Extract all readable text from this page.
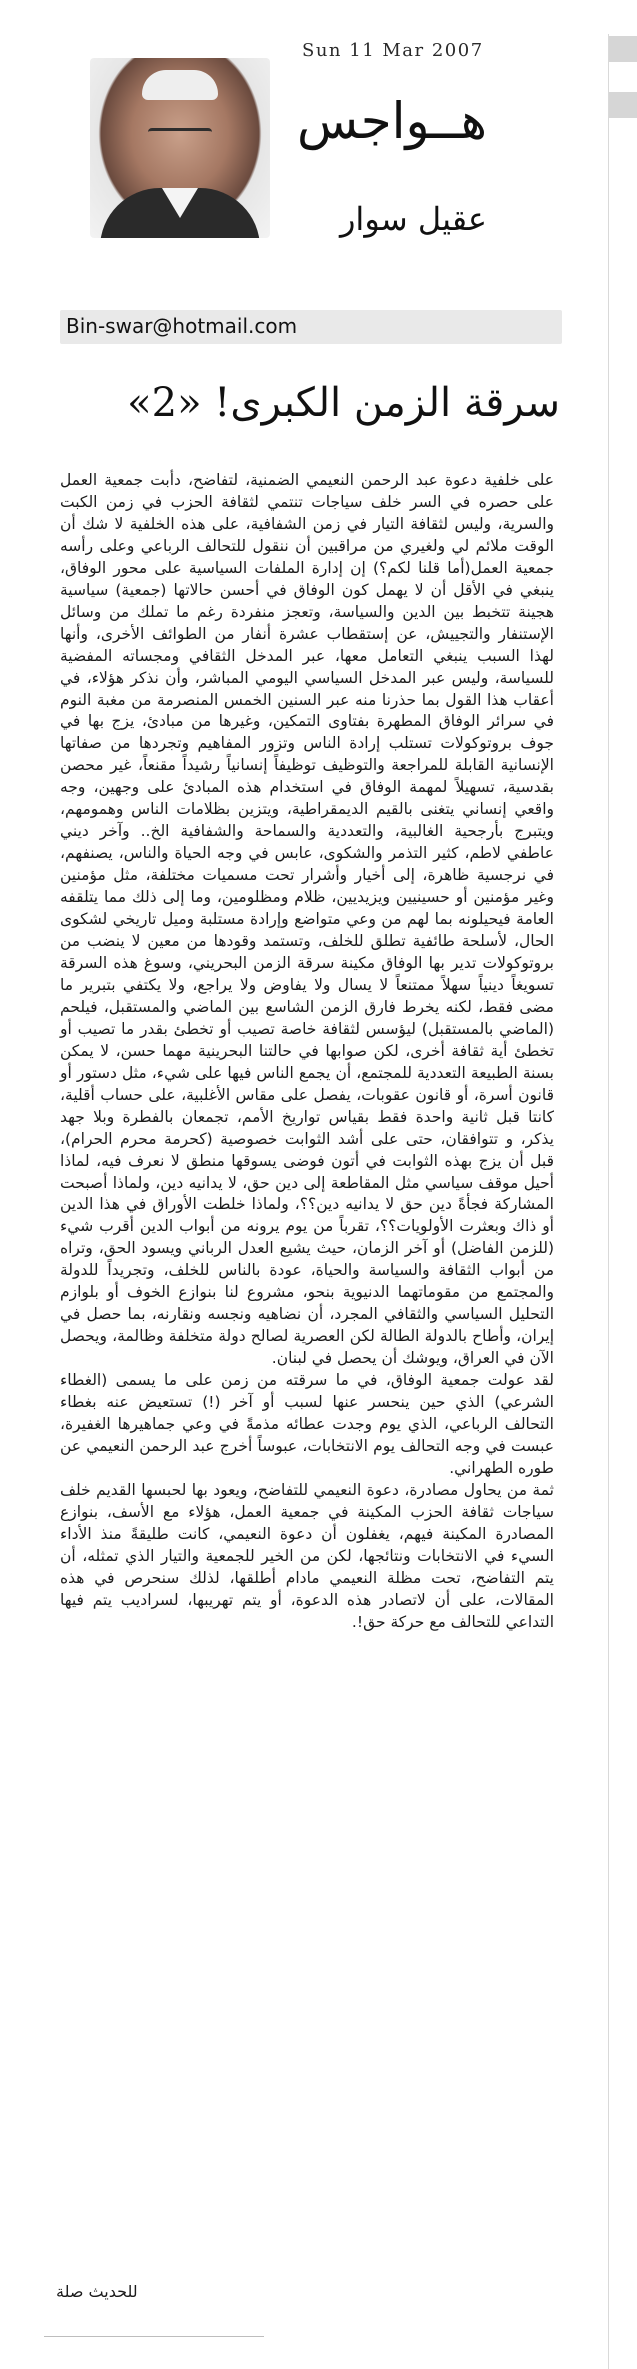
Sun 11 Mar 2007
هــواجس
عقيل سوار
Bin-swar@hotmail.com
سرقة الزمن الكبرى! «2»

على خلفية دعوة عبد الرحمن النعيمي الضمنية، لتفاضح، دأبت جمعية العمل على حصره في السر خلف سياجات تنتمي لثقافة الحزب في زمن الكبت والسرية، وليس لثقافة التيار في زمن الشفافية، على هذه الخلفية لا شك أن الوقت ملائم لي ولغيري من مراقبين أن ننقول للتحالف الرباعي وعلى رأسه جمعية العمل(أما قلنا لكم؟) إن إدارة الملفات السياسية على محور الوفاق، ينبغي في الأقل أن لا يهمل كون الوفاق في أحسن حالاتها (جمعية) سياسية هجينة تتخبط بين الدين والسياسة، وتعجز منفردة رغم ما تملك من وسائل الإستنفار والتجييش، عن إستقطاب عشرة أنفار من الطوائف الأخرى، وأنها لهذا السبب ينبغي التعامل معها، عبر المدخل الثقافي ومجساته المفضية للسياسة، وليس عبر المدخل السياسي اليومي المباشر، وأن نذكر هؤلاء، في أعقاب هذا القول بما حذرنا منه عبر السنين الخمس المنصرمة من مغبة النوم في سرائر الوفاق المطهرة بفتاوى التمكين، وغيرها من مبادئ، يزج بها في جوف بروتوكولات تستلب إرادة الناس وتزور المفاهيم وتجردها من صفاتها الإنسانية القابلة للمراجعة والتوظيف توظيفاً إنسانياً رشيداً مقنعاً، غير محصن بقدسية، تسهيلاً لمهمة الوفاق في استخدام هذه المبادئ على وجهين، وجه واقعي إنساني يتغنى بالقيم الديمقراطية، ويتزين بظلامات الناس وهمومهم، ويتبرج بأرجحية الغالبية، والتعددية والسماحة والشفافية الخ.. وآخر ديني عاطفي لاطم، كثير التذمر والشكوى، عابس في وجه الحياة والناس، يصنفهم، في نرجسية ظاهرة، إلى أخيار وأشرار تحت مسميات مختلفة، مثل مؤمنين وغير مؤمنين أو حسينيين ويزيديين، ظلام ومظلومين، وما إلى ذلك مما يتلقفه العامة فيحيلونه بما لهم من وعي متواضع وإرادة مستلبة وميل تاريخي لشكوى الحال، لأسلحة طائفية تطلق للخلف، وتستمد وقودها من معين لا ينضب من بروتوكولات تدير بها الوفاق مكينة سرقة الزمن البحريني، وسوغ هذه السرقة تسويغاً دينياً سهلاً ممتنعاً لا يسال ولا يفاوض ولا يراجع، ولا يكتفي بتبرير ما مضى فقط، لكنه يخرط فارق الزمن الشاسع بين الماضي والمستقبل، فيلحم (الماضي بالمستقبل) ليؤسس لثقافة خاصة تصيب أو تخطئ بقدر ما تصيب أو تخطئ أية ثقافة أخرى، لكن صوابها في حالتنا البحرينية مهما حسن، لا يمكن بسنة الطبيعة التعددية للمجتمع، أن يجمع الناس فيها على شيء، مثل دستور أو قانون أسرة، أو قانون عقوبات، يفصل على مقاس الأغلبية، على حساب أقلية، كانتا قبل ثانية واحدة فقط بقياس تواريخ الأمم، تجمعان بالفطرة وبلا جهد يذكر، و تتوافقان، حتى على أشد الثوابت خصوصية (كحرمة محرم الحرام)، قبل أن يزج بهذه الثوابت في أتون فوضى يسوقها منطق لا نعرف فيه، لماذا أحيل موقف سياسي مثل المقاطعة إلى دين حق، لا يدانيه دين، ولماذا أصبحت المشاركة فجأةً دين حق لا يدانيه دين؟؟، ولماذا خلطت الأوراق في هذا الدين أو ذاك وبعثرت الأولويات؟؟، تقرباً من يوم يرونه من أبواب الدين أقرب شيء (للزمن الفاضل) أو آخر الزمان، حيث يشيع العدل الرباني ويسود الحق، وتراه من أبواب الثقافة والسياسة والحياة، عودة بالناس للخلف، وتجريداً للدولة والمجتمع من مقوماتهما الدنيوية بنحو، مشروع لنا بنوازع الخوف أو بلوازم التحليل السياسي والثقافي المجرد، أن نضاهيه ونجسه ونقارنه، بما حصل في إيران، وأطاح بالدولة الطالة لكن العصرية لصالح دولة متخلفة وظالمة، ويحصل الآن في العراق، ويوشك أن يحصل في لبنان.

لقد عولت جمعية الوفاق، في ما سرقته من زمن على ما يسمى (الغطاء الشرعي) الذي حين ينحسر عنها لسبب أو آخر (!) تستعيض عنه بغطاء التحالف الرباعي، الذي يوم وجدت عطائه مذمةً في وعي جماهيرها الغفيرة، عبست في وجه التحالف يوم الانتخابات، عبوساً أخرج عبد الرحمن النعيمي عن طوره الطهراني.

ثمة من يحاول مصادرة، دعوة النعيمي للتفاضح، ويعود بها لحبسها القديم خلف سياجات ثقافة الحزب المكينة في جمعية العمل، هؤلاء مع الأسف، بنوازع المصادرة المكينة فيهم، يغفلون أن دعوة النعيمي، كانت طليقةً منذ الأداء السيء في الانتخابات ونتائجها، لكن من الخير للجمعية والتيار الذي تمثله، أن يتم التفاضح، تحت مظلة النعيمي مادام أطلقها، لذلك سنحرص في هذه المقالات، على أن لاتصادر هذه الدعوة، أو يتم تهريبها، لسراديب يتم فيها التداعي للتحالف مع حركة حق!.

للحديث صلة
